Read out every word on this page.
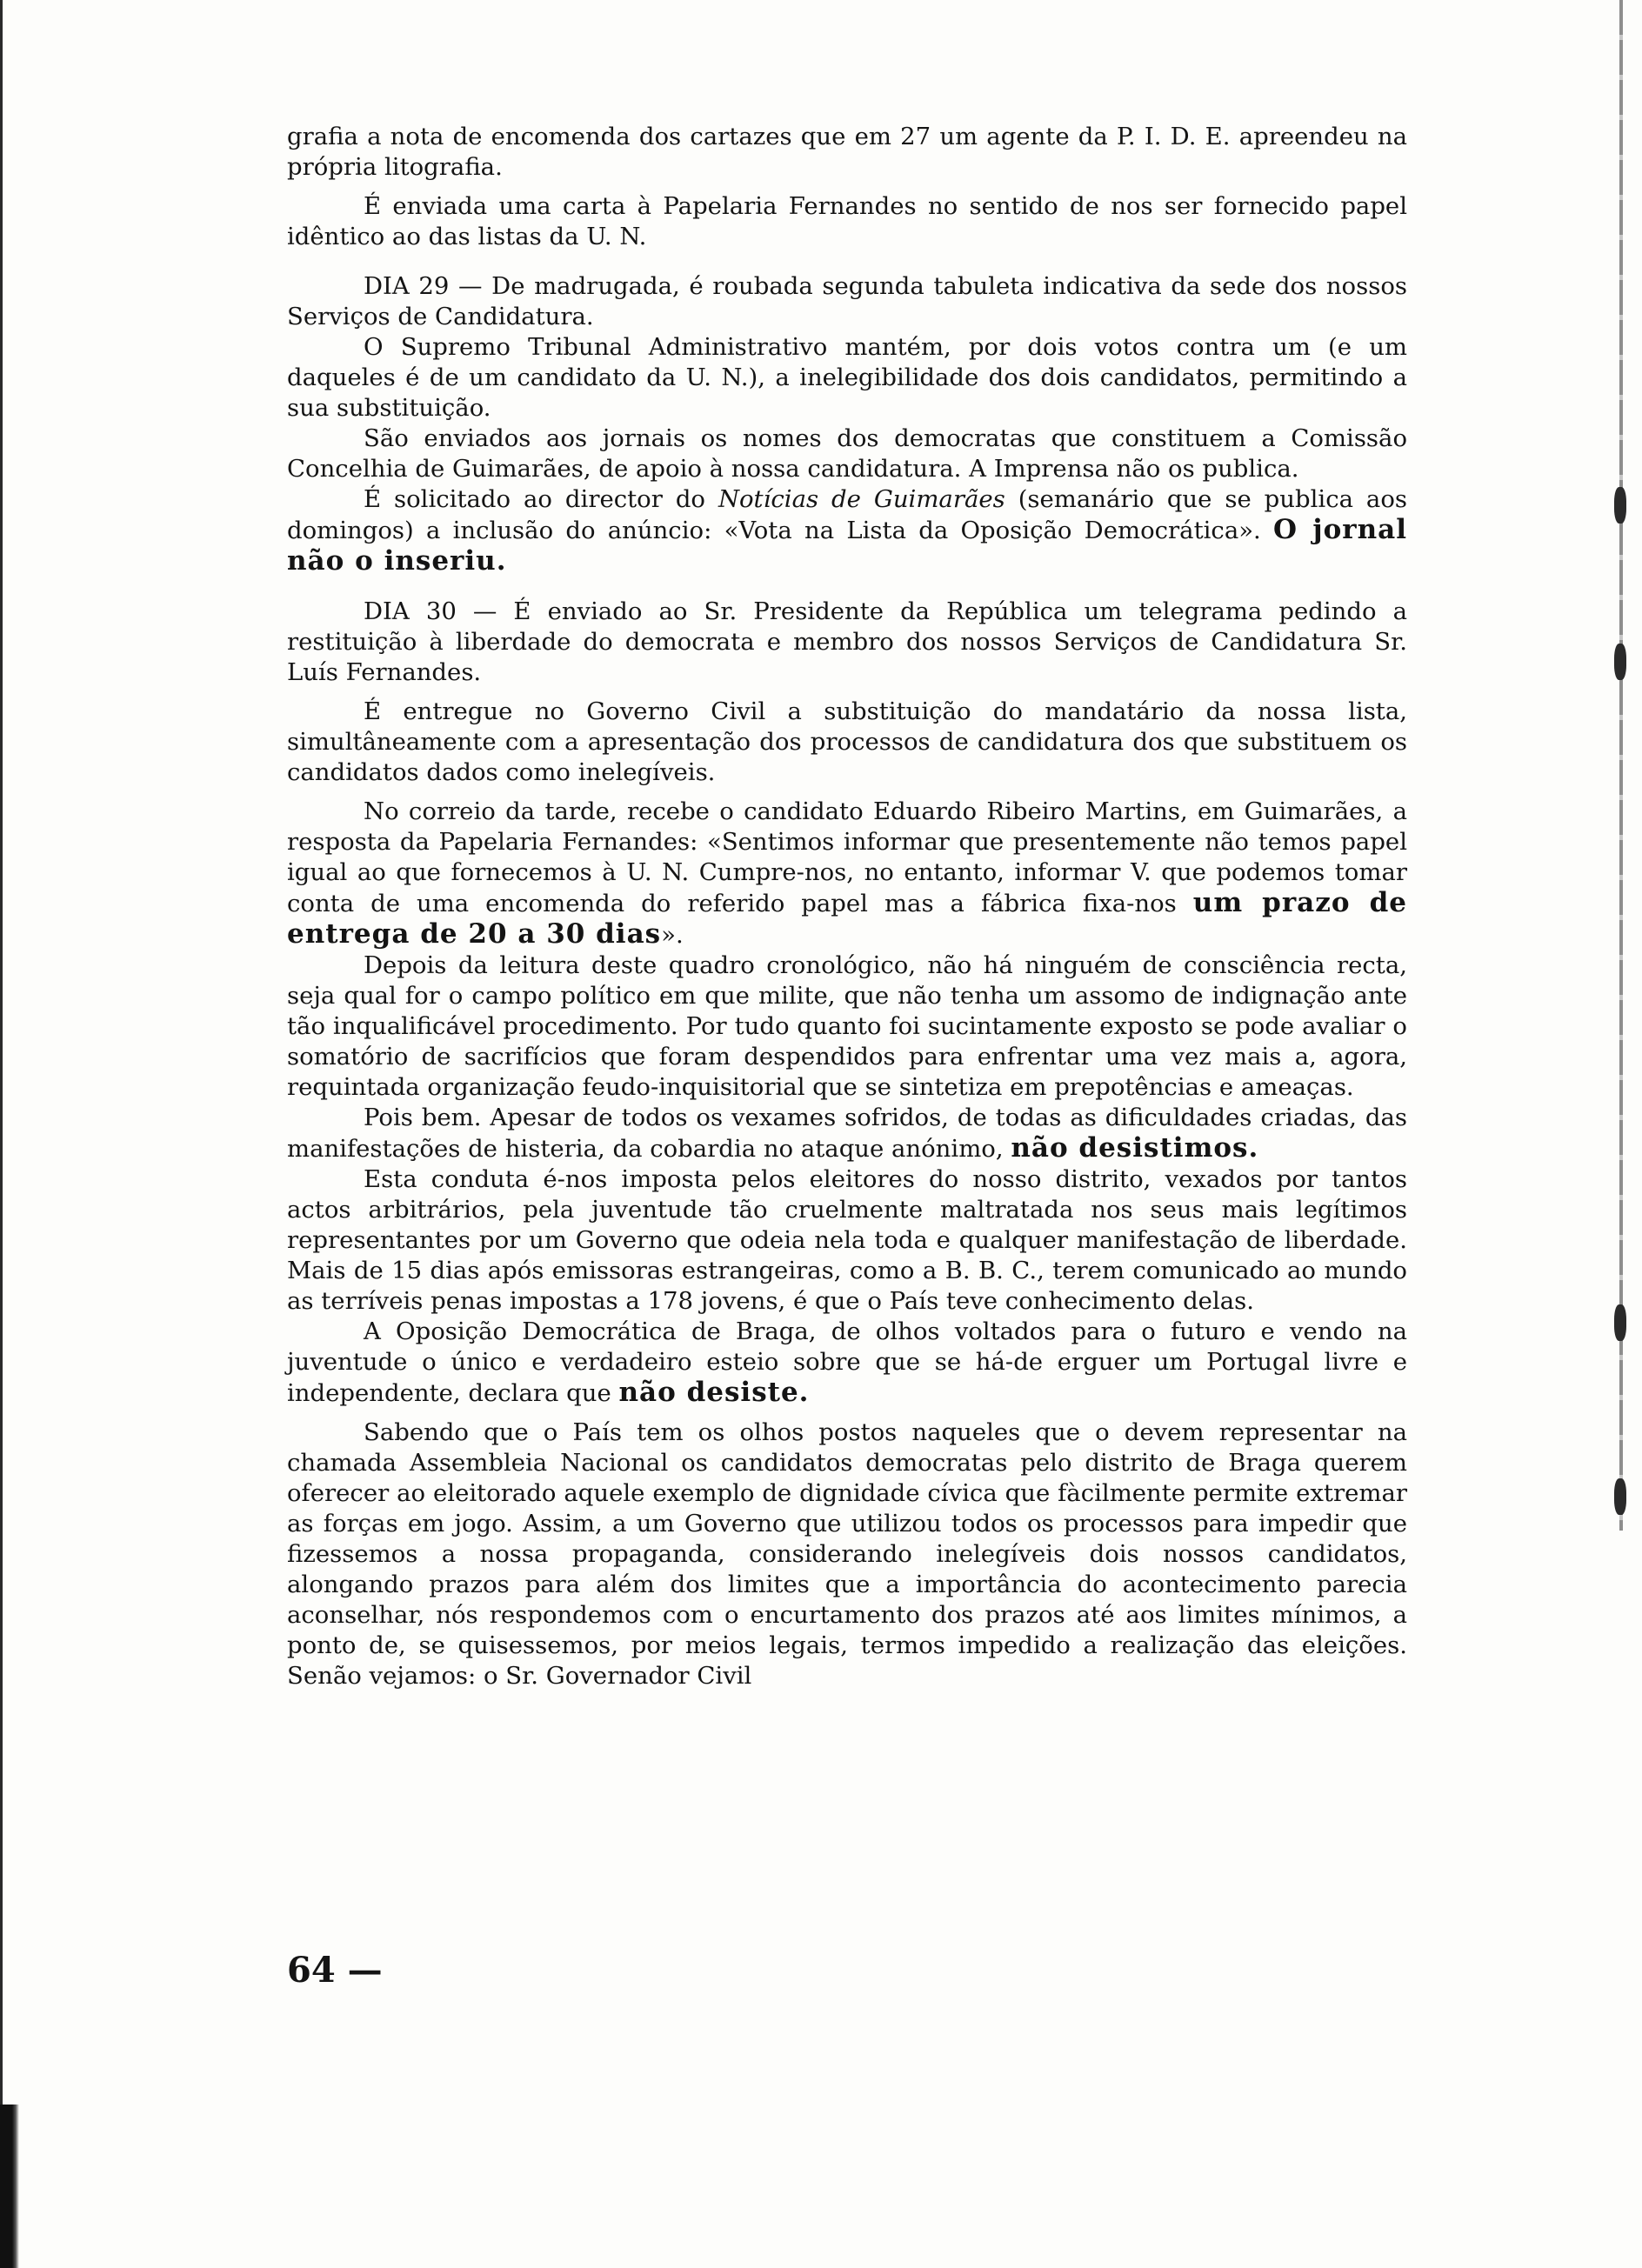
grafia a nota de encomenda dos cartazes que em 27 um agente da P. I. D. E. apreendeu na própria litografia.

É enviada uma carta à Papelaria Fernandes no sentido de nos ser fornecido papel idêntico ao das listas da U. N.

DIA 29 — De madrugada, é roubada segunda tabuleta indicativa da sede dos nossos Serviços de Candidatura.

O Supremo Tribunal Administrativo mantém, por dois votos contra um (e um daqueles é de um candidato da U. N.), a inelegibilidade dos dois candidatos, permitindo a sua substituição.

São enviados aos jornais os nomes dos democratas que constituem a Comissão Concelhia de Guimarães, de apoio à nossa candidatura. A Imprensa não os publica.

É solicitado ao director do Notícias de Guimarães (semanário que se publica aos domingos) a inclusão do anúncio: «Vota na Lista da Oposição Democrática». O jornal não o inseriu.

DIA 30 — É enviado ao Sr. Presidente da República um telegrama pedindo a restituição à liberdade do democrata e membro dos nossos Serviços de Candidatura Sr. Luís Fernandes.

É entregue no Governo Civil a substituição do mandatário da nossa lista, simultâneamente com a apresentação dos processos de candidatura dos que substituem os candidatos dados como inelegíveis.

No correio da tarde, recebe o candidato Eduardo Ribeiro Martins, em Guimarães, a resposta da Papelaria Fernandes: «Sentimos informar que presentemente não temos papel igual ao que fornecemos à U. N. Cumpre-nos, no entanto, informar V. que podemos tomar conta de uma encomenda do referido papel mas a fábrica fixa-nos um prazo de entrega de 20 a 30 dias».

Depois da leitura deste quadro cronológico, não há ninguém de consciência recta, seja qual for o campo político em que milite, que não tenha um assomo de indignação ante tão inqualificável procedimento. Por tudo quanto foi sucintamente exposto se pode avaliar o somatório de sacrifícios que foram despendidos para enfrentar uma vez mais a, agora, requintada organização feudo-inquisitorial que se sintetiza em prepotências e ameaças.

Pois bem. Apesar de todos os vexames sofridos, de todas as dificuldades criadas, das manifestações de histeria, da cobardia no ataque anónimo, não desistimos.

Esta conduta é-nos imposta pelos eleitores do nosso distrito, vexados por tantos actos arbitrários, pela juventude tão cruelmente maltratada nos seus mais legítimos representantes por um Governo que odeia nela toda e qualquer manifestação de liberdade. Mais de 15 dias após emissoras estrangeiras, como a B. B. C., terem comunicado ao mundo as terríveis penas impostas a 178 jovens, é que o País teve conhecimento delas.

A Oposição Democrática de Braga, de olhos voltados para o futuro e vendo na juventude o único e verdadeiro esteio sobre que se há-de erguer um Portugal livre e independente, declara que não desiste.

Sabendo que o País tem os olhos postos naqueles que o devem representar na chamada Assembleia Nacional os candidatos democratas pelo distrito de Braga querem oferecer ao eleitorado aquele exemplo de dignidade cívica que fàcilmente permite extremar as forças em jogo. Assim, a um Governo que utilizou todos os processos para impedir que fizessemos a nossa propaganda, considerando inelegíveis dois nossos candidatos, alongando prazos para além dos limites que a importância do acontecimento parecia aconselhar, nós respondemos com o encurtamento dos prazos até aos limites mínimos, a ponto de, se quisessemos, por meios legais, termos impedido a realização das eleições. Senão vejamos: o Sr. Governador Civil

64 —
